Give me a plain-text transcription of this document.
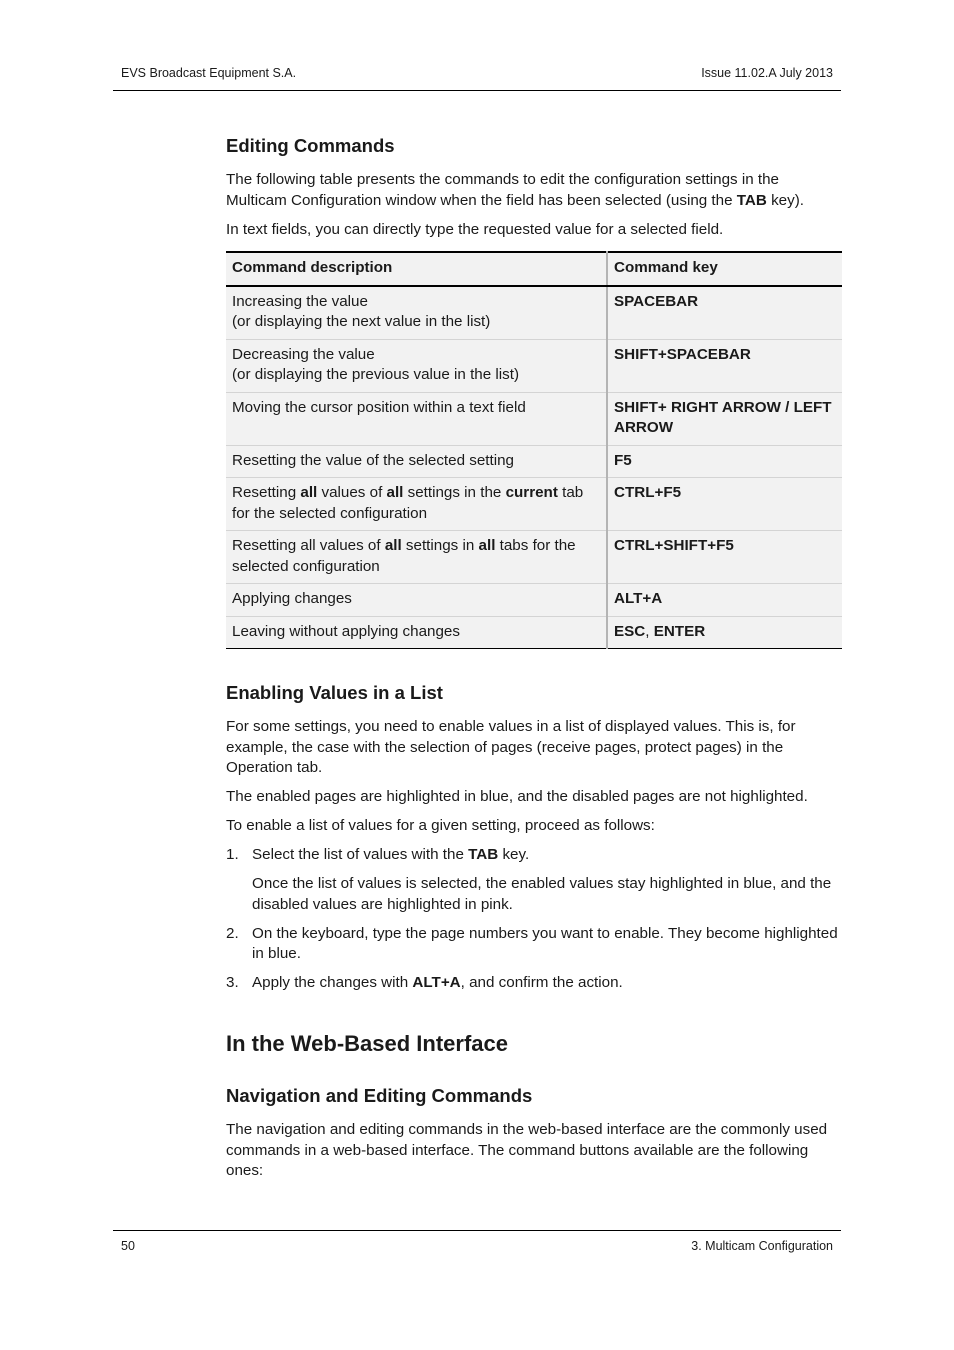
EVS Broadcast Equipment S.A.	Issue 11.02.A July 2013
Editing Commands

The following table presents the commands to edit the configuration settings in the Multicam Configuration window when the field has been selected (using the TAB key).

In text fields, you can directly type the requested value for a selected field.

Command description	Command key
Increasing the value
(or displaying the next value in the list)	SPACEBAR
Decreasing the value
(or displaying the previous value in the list)	SHIFT+SPACEBAR
Moving the cursor position within a text field	SHIFT+ RIGHT ARROW / LEFT ARROW
Resetting the value of the selected setting	F5
Resetting all values of all settings in the current tab for the selected configuration	CTRL+F5
Resetting all values of all settings in all tabs for the selected configuration	CTRL+SHIFT+F5
Applying changes	ALT+A
Leaving without applying changes	ESC, ENTER
Enabling Values in a List

For some settings, you need to enable values in a list of displayed values. This is, for example, the case with the selection of pages (receive pages, protect pages) in the Operation tab.

The enabled pages are highlighted in blue, and the disabled pages are not highlighted.

To enable a list of values for a given setting, proceed as follows:

1. Select the list of values with the TAB key.

Once the list of values is selected, the enabled values stay highlighted in blue, and the disabled values are highlighted in pink.

2. On the keyboard, type the page numbers you want to enable. They become highlighted in blue.
3. Apply the changes with ALT+A, and confirm the action.
In the Web-Based Interface
Navigation and Editing Commands

The navigation and editing commands in the web-based interface are the commonly used commands in a web-based interface. The command buttons available are the following ones:

50	3. Multicam Configuration
